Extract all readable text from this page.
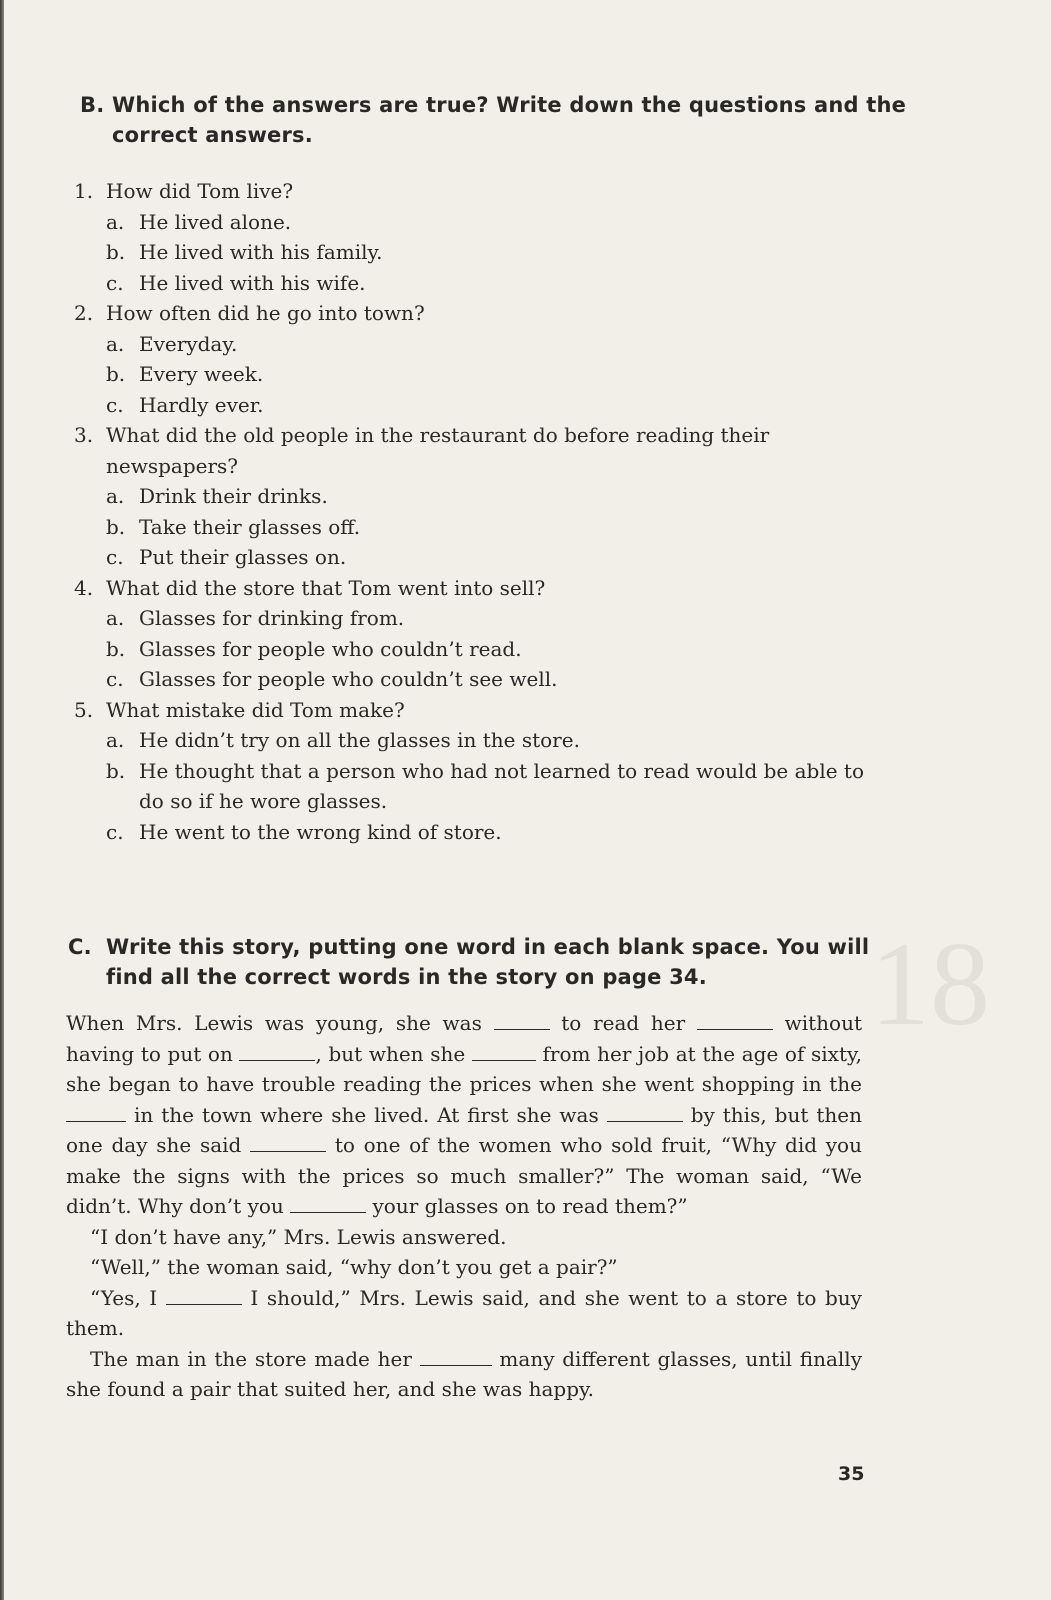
18
B. Which of the answers are true? Write down the questions and the
correct answers.
1. How did Tom live?
a. He lived alone.
b. He lived with his family.
c. He lived with his wife.
2. How often did he go into town?
a. Everyday.
b. Every week.
c. Hardly ever.
3. What did the old people in the restaurant do before reading their newspapers?
a. Drink their drinks.
b. Take their glasses off.
c. Put their glasses on.
4. What did the store that Tom went into sell?
a. Glasses for drinking from.
b. Glasses for people who couldn’t read.
c. Glasses for people who couldn’t see well.
5. What mistake did Tom make?
a. He didn’t try on all the glasses in the store.
b. He thought that a person who had not learned to read would be able to do so if he wore glasses.
c. He went to the wrong kind of store.
C. Write this story, putting one word in each blank space. You will
find all the correct words in the story on page 34.

When Mrs. Lewis was young, she was	to read her	without having to put on	, but when she	from her job at the age of sixty, she began to have trouble reading the prices when she went shopping in the  in the town where she lived. At first she was	by this, but then one day she said	to one of the women who sold fruit, “Why did you make the signs with the prices so much smaller?” The woman said, “We didn’t. Why don’t you	your glasses on to read them?”

“I don’t have any,” Mrs. Lewis answered.

“Well,” the woman said, “why don’t you get a pair?”

“Yes, I	I should,” Mrs. Lewis said, and she went to a store to buy them.

The man in the store made her	many different glasses, until finally she found a pair that suited her, and she was happy.

35
